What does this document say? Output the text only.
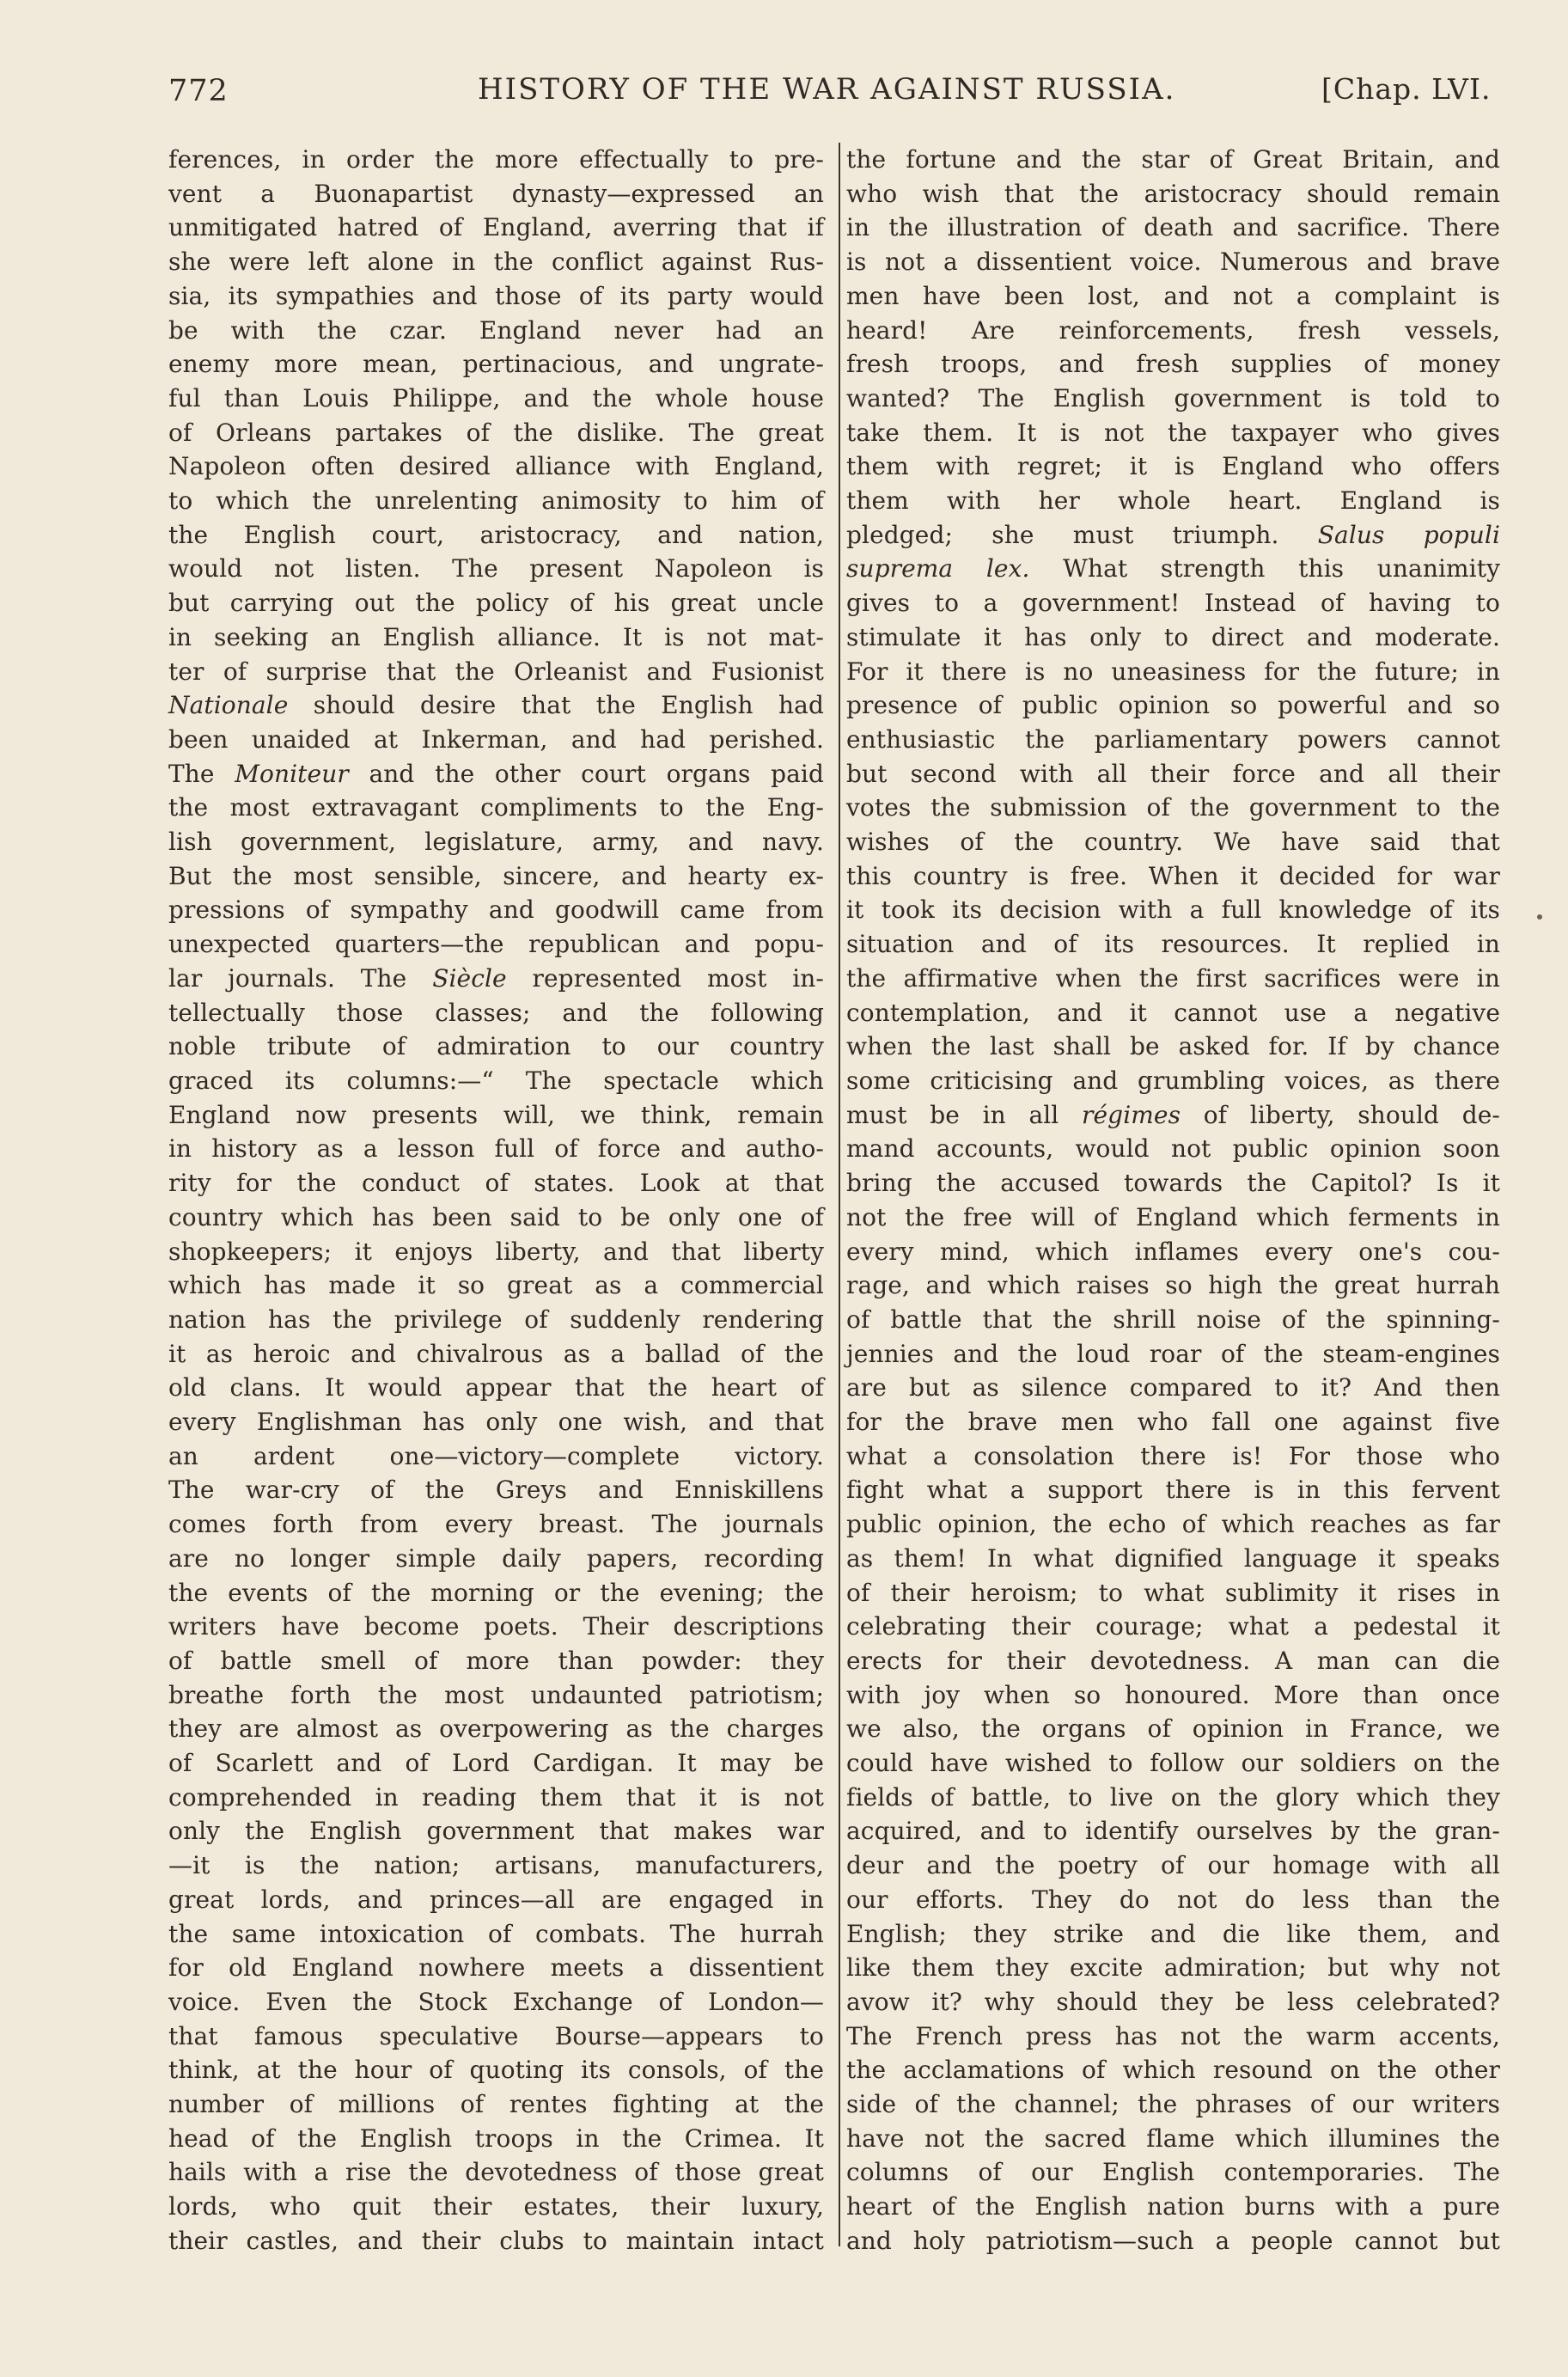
772	HISTORY OF THE WAR AGAINST RUSSIA.	[Chap. LVI.
ferences, in order the more effectually to pre-
vent a Buonapartist dynasty—expressed an
unmitigated hatred of England, averring that if
she were left alone in the conflict against Rus-
sia, its sympathies and those of its party would
be with the czar. England never had an
enemy more mean, pertinacious, and ungrate-
ful than Louis Philippe, and the whole house
of Orleans partakes of the dislike. The great
Napoleon often desired alliance with England,
to which the unrelenting animosity to him of
the English court, aristocracy, and nation,
would not listen. The present Napoleon is
but carrying out the policy of his great uncle
in seeking an English alliance. It is not mat-
ter of surprise that the Orleanist and Fusionist
Nationale should desire that the English had
been unaided at Inkerman, and had perished.
The Moniteur and the other court organs paid
the most extravagant compliments to the Eng-
lish government, legislature, army, and navy.
But the most sensible, sincere, and hearty ex-
pressions of sympathy and goodwill came from
unexpected quarters—the republican and popu-
lar journals. The Siècle represented most in-
tellectually those classes; and the following
noble tribute of admiration to our country
graced its columns:—“ The spectacle which
England now presents will, we think, remain
in history as a lesson full of force and autho-
rity for the conduct of states. Look at that
country which has been said to be only one of
shopkeepers; it enjoys liberty, and that liberty
which has made it so great as a commercial
nation has the privilege of suddenly rendering
it as heroic and chivalrous as a ballad of the
old clans. It would appear that the heart of
every Englishman has only one wish, and that
an ardent one—victory—complete victory.
The war-cry of the Greys and Enniskillens
comes forth from every breast. The journals
are no longer simple daily papers, recording
the events of the morning or the evening; the
writers have become poets. Their descriptions
of battle smell of more than powder: they
breathe forth the most undaunted patriotism;
they are almost as overpowering as the charges
of Scarlett and of Lord Cardigan. It may be
comprehended in reading them that it is not
only the English government that makes war
—it is the nation; artisans, manufacturers,
great lords, and princes—all are engaged in
the same intoxication of combats. The hurrah
for old England nowhere meets a dissentient
voice. Even the Stock Exchange of London—
that famous speculative Bourse—appears to
think, at the hour of quoting its consols, of the
number of millions of rentes fighting at the
head of the English troops in the Crimea. It
hails with a rise the devotedness of those great
lords, who quit their estates, their luxury,
their castles, and their clubs to maintain intact
the fortune and the star of Great Britain, and
who wish that the aristocracy should remain
in the illustration of death and sacrifice. There
is not a dissentient voice. Numerous and brave
men have been lost, and not a complaint is
heard! Are reinforcements, fresh vessels,
fresh troops, and fresh supplies of money
wanted? The English government is told to
take them. It is not the taxpayer who gives
them with regret; it is England who offers
them with her whole heart. England is
pledged; she must triumph. Salus populi
suprema lex. What strength this unanimity
gives to a government! Instead of having to
stimulate it has only to direct and moderate.
For it there is no uneasiness for the future; in
presence of public opinion so powerful and so
enthusiastic the parliamentary powers cannot
but second with all their force and all their
votes the submission of the government to the
wishes of the country. We have said that
this country is free. When it decided for war
it took its decision with a full knowledge of its
situation and of its resources. It replied in
the affirmative when the first sacrifices were in
contemplation, and it cannot use a negative
when the last shall be asked for. If by chance
some criticising and grumbling voices, as there
must be in all régimes of liberty, should de-
mand accounts, would not public opinion soon
bring the accused towards the Capitol? Is it
not the free will of England which ferments in
every mind, which inflames every one's cou-
rage, and which raises so high the great hurrah
of battle that the shrill noise of the spinning-
jennies and the loud roar of the steam-engines
are but as silence compared to it? And then
for the brave men who fall one against five
what a consolation there is! For those who
fight what a support there is in this fervent
public opinion, the echo of which reaches as far
as them! In what dignified language it speaks
of their heroism; to what sublimity it rises in
celebrating their courage; what a pedestal it
erects for their devotedness. A man can die
with joy when so honoured. More than once
we also, the organs of opinion in France, we
could have wished to follow our soldiers on the
fields of battle, to live on the glory which they
acquired, and to identify ourselves by the gran-
deur and the poetry of our homage with all
our efforts. They do not do less than the
English; they strike and die like them, and
like them they excite admiration; but why not
avow it? why should they be less celebrated?
The French press has not the warm accents,
the acclamations of which resound on the other
side of the channel; the phrases of our writers
have not the sacred flame which illumines the
columns of our English contemporaries. The
heart of the English nation burns with a pure
and holy patriotism—such a people cannot but
